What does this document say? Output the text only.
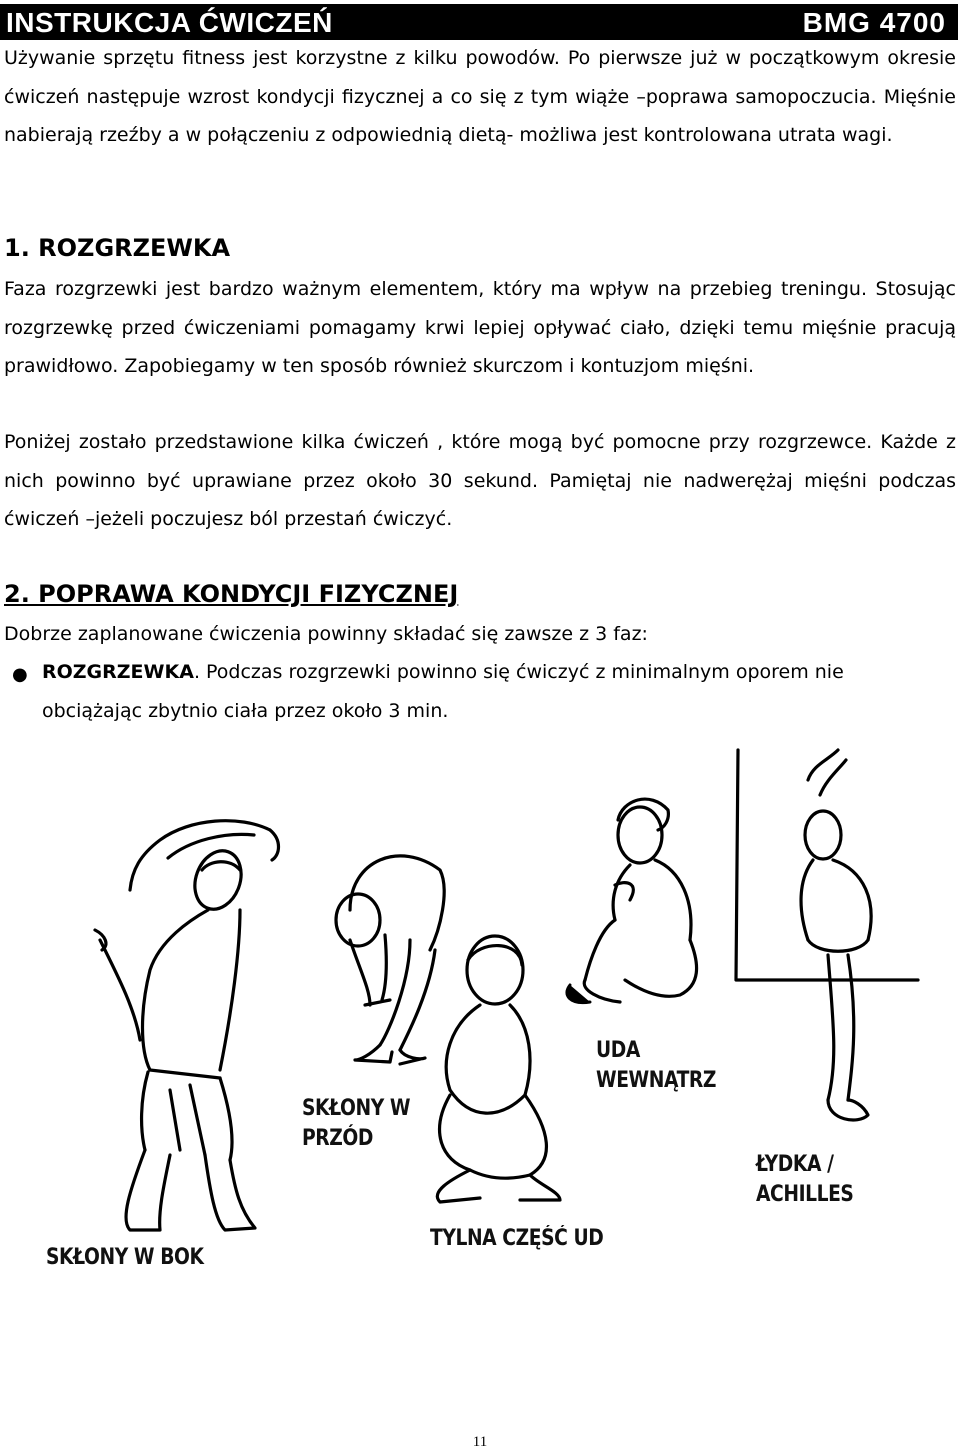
INSTRUKCJA ĆWICZEŃ	BMG 4700
Używanie sprzętu fitness jest korzystne z kilku powodów. Po pierwsze już w początkowym okresie ćwiczeń następuje wzrost kondycji fizycznej a co się z tym wiąże –poprawa samopoczucia. Mięśnie nabierają rzeźby a w połączeniu z odpowiednią dietą- możliwa jest kontrolowana utrata wagi.
1. ROZGRZEWKA
Faza rozgrzewki jest bardzo ważnym elementem, który ma wpływ na przebieg treningu. Stosując rozgrzewkę przed ćwiczeniami pomagamy krwi lepiej opływać ciało, dzięki temu mięśnie pracują prawidłowo. Zapobiegamy w ten sposób również skurczom i kontuzjom mięśni.
Poniżej zostało przedstawione kilka ćwiczeń , które mogą być pomocne przy rozgrzewce. Każde z nich powinno być uprawiane przez około 30 sekund. Pamiętaj nie nadwerężaj mięśni podczas ćwiczeń –jeżeli poczujesz ból przestań ćwiczyć.
2. POPRAWA KONDYCJI FIZYCZNEJ
Dobrze zaplanowane ćwiczenia powinny składać się zawsze z 3 faz:
● ROZGRZEWKA. Podczas rozgrzewki powinno się ćwiczyć z minimalnym oporem nie obciążając zbytnio ciała przez około 3 min.
SKŁONY W BOK
SKŁONY W
PRZÓD
TYLNA CZĘŚĆ UD
UDA
WEWNĄTRZ
ŁYDKA / ACHILLES
11
